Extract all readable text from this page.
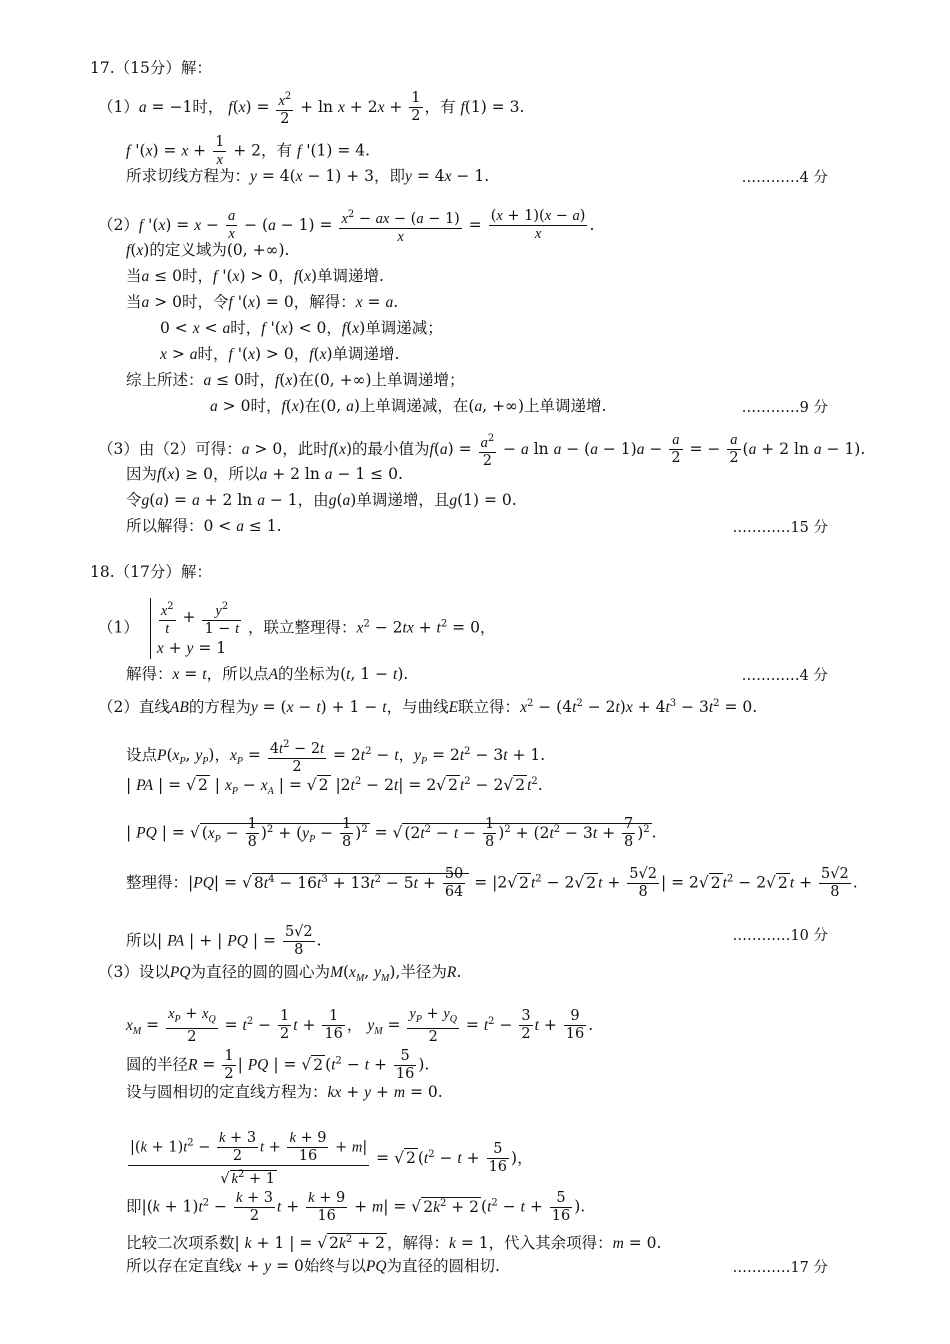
17.（15分）解：
（1）a = −1时， $f(x) = \frac{x^2}{2} + \ln x + 2x + \frac{1}{2}$ ，有 f(1) = 3.
f '$(x) = x + \frac{1}{x} + 2$，有 f '(1) = 4.
所求切线方程为：y = 4(x − 1) + 3，即y = 4x − 1.	…………4 分
（2）f '$(x) = x - \frac{a}{x} - (a - 1) = \frac{x^2 - ax - (a - 1)}{x} = \frac{(x + 1)(x - a)}{x}$ .
f(x)的定义域为(0, +∞).
当a ≤ 0时，f '(x) > 0，f(x)单调递增.
当a > 0时，令f '(x) = 0，解得：x = a.
0 < x < a时，f '(x) < 0，f(x)单调递减；
x > a时，f '(x) > 0，f(x)单调递增.
综上所述：a ≤ 0时，f(x)在(0, +∞)上单调递增；
a > 0时，f(x)在(0, a)上单调递减，在(a, +∞)上单调递增.	…………9 分
（3）由（2）可得：a > 0，此时f(x)的最小值为$f(a) = \frac{a^2}{2} - a$ $\ln a - (a - 1)a - \frac{a}{2}$ = − $\frac{a}{2} (a + 2$ ln a − 1).
因为f(x) ≥ 0，所以a + 2 ln a − 1 ≤ 0.
令g(a) = a + 2 ln a − 1，由g(a)单调递增，且g(1) = 0.
所以解得：0 < a ≤ 1.	…………15 分
18.（17分）解：
$(1) \frac{x^2}{t} + \frac{y^2}{1 - t}$
x + y = 1
，联立整理得：$x^2 - 2tx + t^2 = 0$，
解得：x = t，所以点A的坐标为(t, 1 − t).	…………4 分
（2）直线AB的方程为y = (x − t) + 1 − t，与曲线E联立得：$x^2 - (4t^2 - 2t)x + 4t^3 - 3t^2 = 0$.
设点$P(x_P$, $y_P$)，$x_P = \frac{4t^2 - 2t}{2} = 2t^2 - t$，$y_P = 2t^2 - 3t + 1$.
| PA | = √ 2 | $x_P - x_A$ | = √ 2 $|2t^2 - 2t| = 2√$ 2 $t^2 - 2√$ 2 $t^2$.
| PQ | = √ $(x_P - \frac{1}{8} )^2 + (y_P - \frac{1}{8} )^2$ = √ $(2t^2 - t - \frac{1}{8} )^2 + (2t^2 - 3t + \frac{7}{8} )^2$ .
整理得：|PQ| = √ $8t^4 - 16t^3 + 13t^2 - 5t + \frac{50}{64} = |2√$ 2 $t^2 - 2√$ 2 $t + \frac{5√2}{8}$ | = 2√ 2 $t^2 - 2√$ 2 $t + \frac{5√2}{8}$ .
所以| PA | + | PQ | = $\frac{5√2}{8}$ .	…………10 分
（3）设以PQ为直径的圆的圆心为$M(x_M$, $y_M$),半径为R.
$x_M = \frac{x_P + x_Q}{2} = t^2 - \frac{1}{2}$ $t + \frac{1}{16}$ ， $y_M = \frac{y_P + y_Q}{2} = t^2 - \frac{3}{2}$ $t + \frac{9}{16}$ .
圆的半径$R = \frac{1}{2}$ | PQ | = √ 2 ($t^2 - t + \frac{5}{16}$ ).
设与圆相切的定直线方程为：kx + y + m = 0.
$\frac{|(k + 1)t^2 - \frac{k + 3}{2} t + \frac{k + 9}{16} + m|}{√ k^2 + 1}$ = √ 2 ($t^2 - t + \frac{5}{16}$ )，
即$|(k + 1)t^2 - \frac{k + 3}{2}$ $t + \frac{k + 9}{16} + m|$ = √ $2k^2 + 2$ ($t^2 - t + \frac{5}{16}$ ).
比较二次项系数| k + 1 | = √ $2k^2 + 2$ ，解得：k = 1，代入其余项得：m = 0.
所以存在定直线x + y = 0始终与以PQ为直径的圆相切.	…………17 分
